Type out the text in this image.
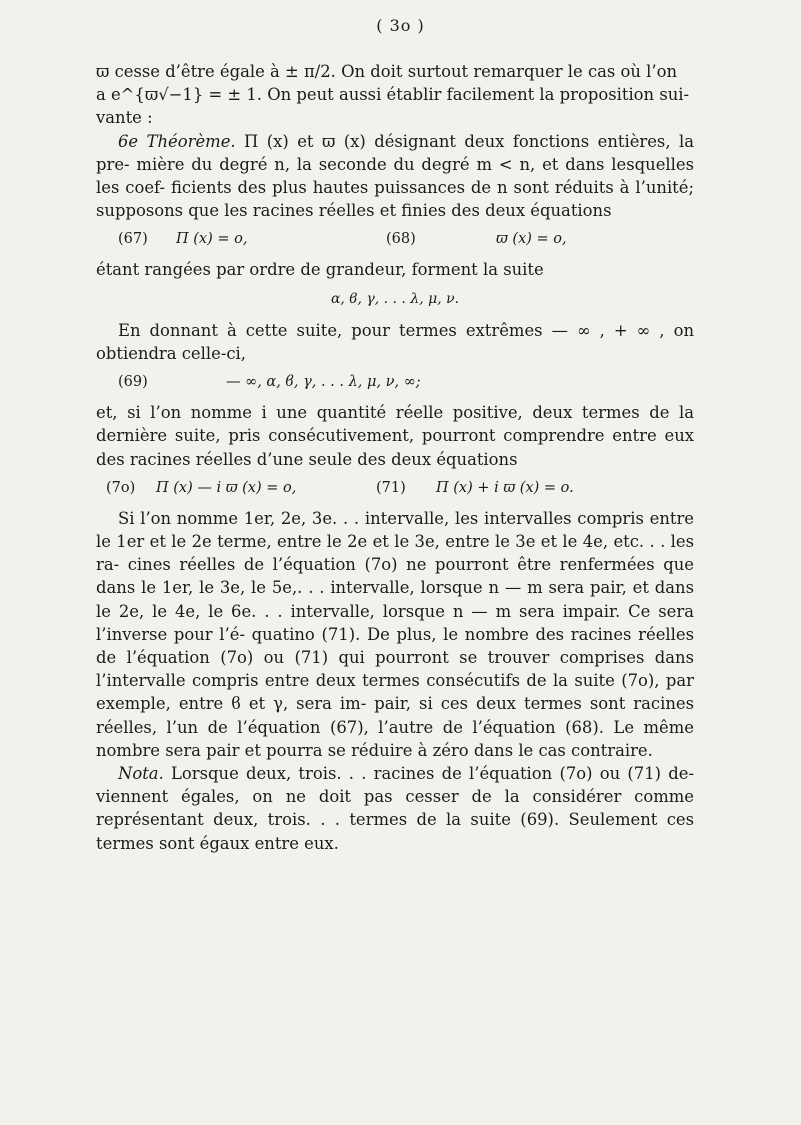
( 3o )

ϖ cesse d’être égale à ± π/2. On doit surtout remarquer le cas où l’on

a e^{ϖ√−1} = ± 1. On peut aussi établir facilement la proposition sui-

vante :

6e Théorème. Π (x) et ϖ (x) désignant deux fonctions entières, la pre- mière du degré n, la seconde du degré m < n, et dans lesquelles les coef- ficients des plus hautes puissances de n sont réduits à l’unité; supposons que les racines réelles et finies des deux équations

(67) Π (x) = o,	(68)	ϖ (x) = o,

étant rangées par ordre de grandeur, forment la suite

α, ϐ, γ, . . . λ, μ, ν.

En donnant à cette suite, pour termes extrêmes — ∞ , + ∞ , on obtiendra celle-ci,

(69)	— ∞, α, ϐ, γ, . . . λ, μ, ν, ∞;

et, si l’on nomme i une quantité réelle positive, deux termes de la dernière suite, pris consécutivement, pourront comprendre entre eux des racines réelles d’une seule des deux équations

(7o) Π (x) — i ϖ (x) = o,	(71) Π (x) + i ϖ (x) = o.

Si l’on nomme 1er, 2e, 3e. . . intervalle, les intervalles compris entre le 1er et le 2e terme, entre le 2e et le 3e, entre le 3e et le 4e, etc. . . les ra- cines réelles de l’équation (7o) ne pourront être renfermées que dans le 1er, le 3e, le 5e,. . . intervalle, lorsque n — m sera pair, et dans le 2e, le 4e, le 6e. . . intervalle, lorsque n — m sera impair. Ce sera l’inverse pour l’é- quatino (71). De plus, le nombre des racines réelles de l’équation (7o) ou (71) qui pourront se trouver comprises dans l’intervalle compris entre deux termes consécutifs de la suite (7o), par exemple, entre ϐ et γ, sera im- pair, si ces deux termes sont racines réelles, l’un de l’équation (67), l’autre de l’équation (68). Le même nombre sera pair et pourra se réduire à zéro dans le cas contraire.

Nota. Lorsque deux, trois. . . racines de l’équation (7o) ou (71) de- viennent égales, on ne doit pas cesser de la considérer comme représentant deux, trois. . . termes de la suite (69). Seulement ces termes sont égaux entre eux.
